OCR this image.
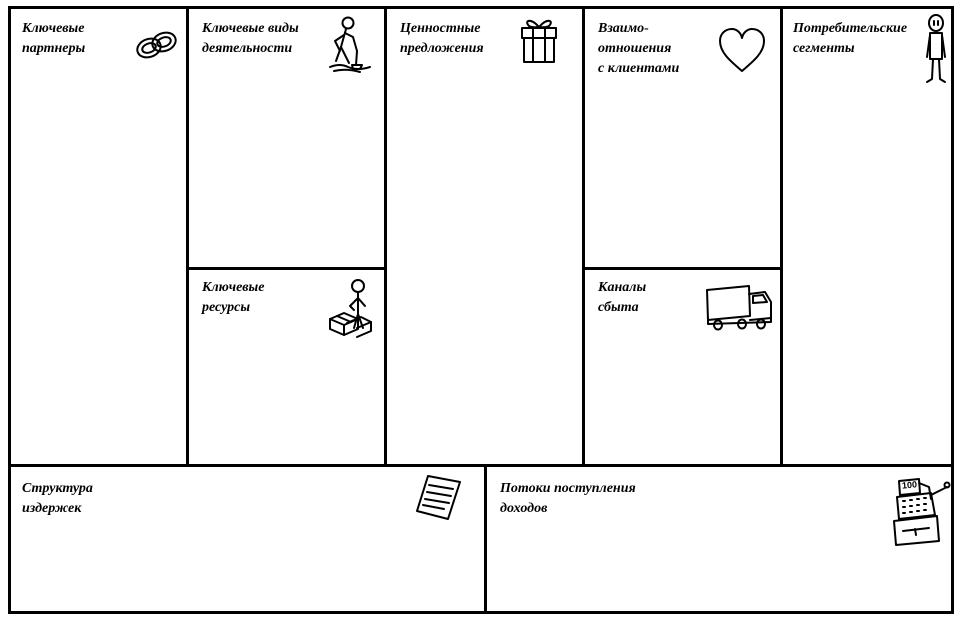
Ключевые
партнеры
Ключевые виды
деятельности
Ключевые
ресурсы
Ценностные
предложения
Взаимо-
отношения
с клиентами
Каналы
сбыта
Потребительские
сегменты
Структура
издержек
Потоки поступления
доходов
100
